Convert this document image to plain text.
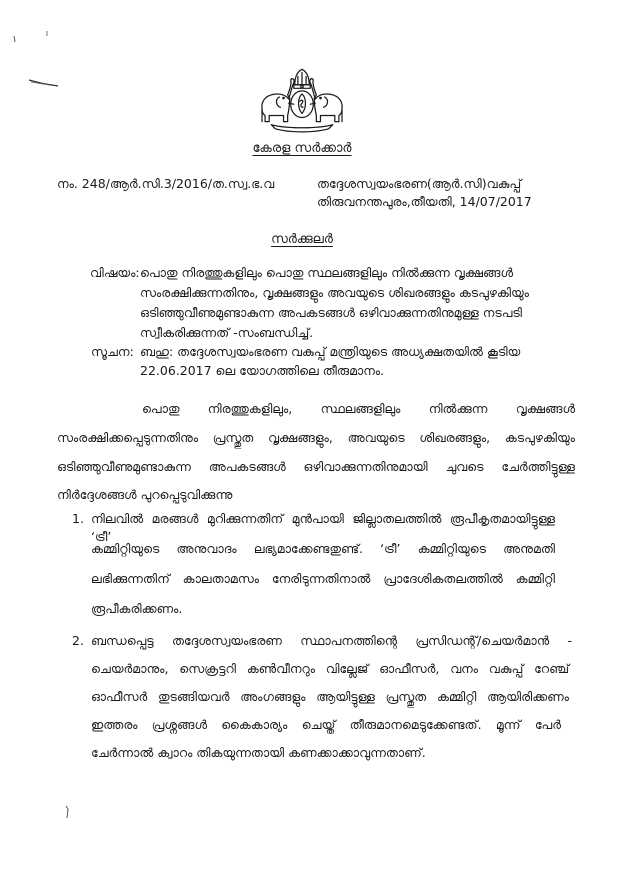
കേരള സർക്കാർ
നം. 248/ആർ.സി.3/2016/ത.സ്വ.ഭ.വ	തദ്ദേശസ്വയംഭരണ(ആർ.സി)വകുപ്പ്
തിരുവനന്തപുരം,തീയതി, 14/07/2017
സർക്കുലർ
വിഷയം: പൊതു നിരത്തുകളിലും പൊതു സ്ഥലങ്ങളിലും നിൽക്കുന്ന വൃക്ഷങ്ങൾ
സംരക്ഷിക്കുന്നതിനും, വൃക്ഷങ്ങളും അവയുടെ ശിഖരങ്ങളും കടപുഴകിയും
ഒടിഞ്ഞുവീണുമുണ്ടാകുന്ന അപകടങ്ങൾ ഒഴിവാക്കുന്നതിനുമുള്ള നടപടി
സ്വീകരിക്കുന്നത് -സംബന്ധിച്ച്.
സൂചന: ബഹു: തദ്ദേശസ്വയംഭരണ വകുപ്പ് മന്ത്രിയുടെ അധ്യക്ഷതയിൽ കൂടിയ
22.06.2017 ലെ യോഗത്തിലെ തീരുമാനം.
പൊതു നിരത്തുകളിലും, സ്ഥലങ്ങളിലും നിൽക്കുന്ന വൃക്ഷങ്ങൾ
സംരക്ഷിക്കപ്പെടുന്നതിനും പ്രസ്തുത വൃക്ഷങ്ങളും, അവയുടെ ശിഖരങ്ങളും, കടപുഴകിയും
ഒടിഞ്ഞുവീണുമുണ്ടാകുന്ന അപകടങ്ങൾ ഒഴിവാക്കുന്നതിനുമായി ചുവടെ ചേർത്തിട്ടുള്ള
നിർദ്ദേശങ്ങൾ പുറപ്പെടുവിക്കുന്നു
1. നിലവിൽ മരങ്ങൾ മുറിക്കുന്നതിന് മുൻപായി ജില്ലാതലത്തിൽ രൂപീകൃതമായിട്ടുള്ള ‘ട്രീ’
കമ്മിറ്റിയുടെ അനുവാദം ലഭ്യമാക്കേണ്ടതുണ്ട്. ‘ട്രീ’ കമ്മിറ്റിയുടെ അനുമതി
ലഭിക്കുന്നതിന് കാലതാമസം നേരിടുന്നതിനാൽ പ്രാദേശികതലത്തിൽ കമ്മിറ്റി
രൂപീകരിക്കണം.
2. ബന്ധപ്പെട്ട തദ്ദേശസ്വയംഭരണ സ്ഥാപനത്തിന്റെ പ്രസിഡന്റ്/ചെയർമാൻ -
ചെയർമാനും, സെക്രട്ടറി കൺവീനറും വില്ലേജ് ഓഫീസർ, വനം വകുപ്പ് റേഞ്ച്
ഓഫീസർ തുടങ്ങിയവർ അംഗങ്ങളും ആയിട്ടുള്ള പ്രസ്തുത കമ്മിറ്റി ആയിരിക്കണം
ഇത്തരം പ്രശ്നങ്ങൾ കൈകാര്യം ചെയ്ത് തീരുമാനമെടുക്കേണ്ടത്. മൂന്ന് പേർ
ചേർന്നാൽ ക്വാറം തികയുന്നതായി കണക്കാക്കാവുന്നതാണ്.
